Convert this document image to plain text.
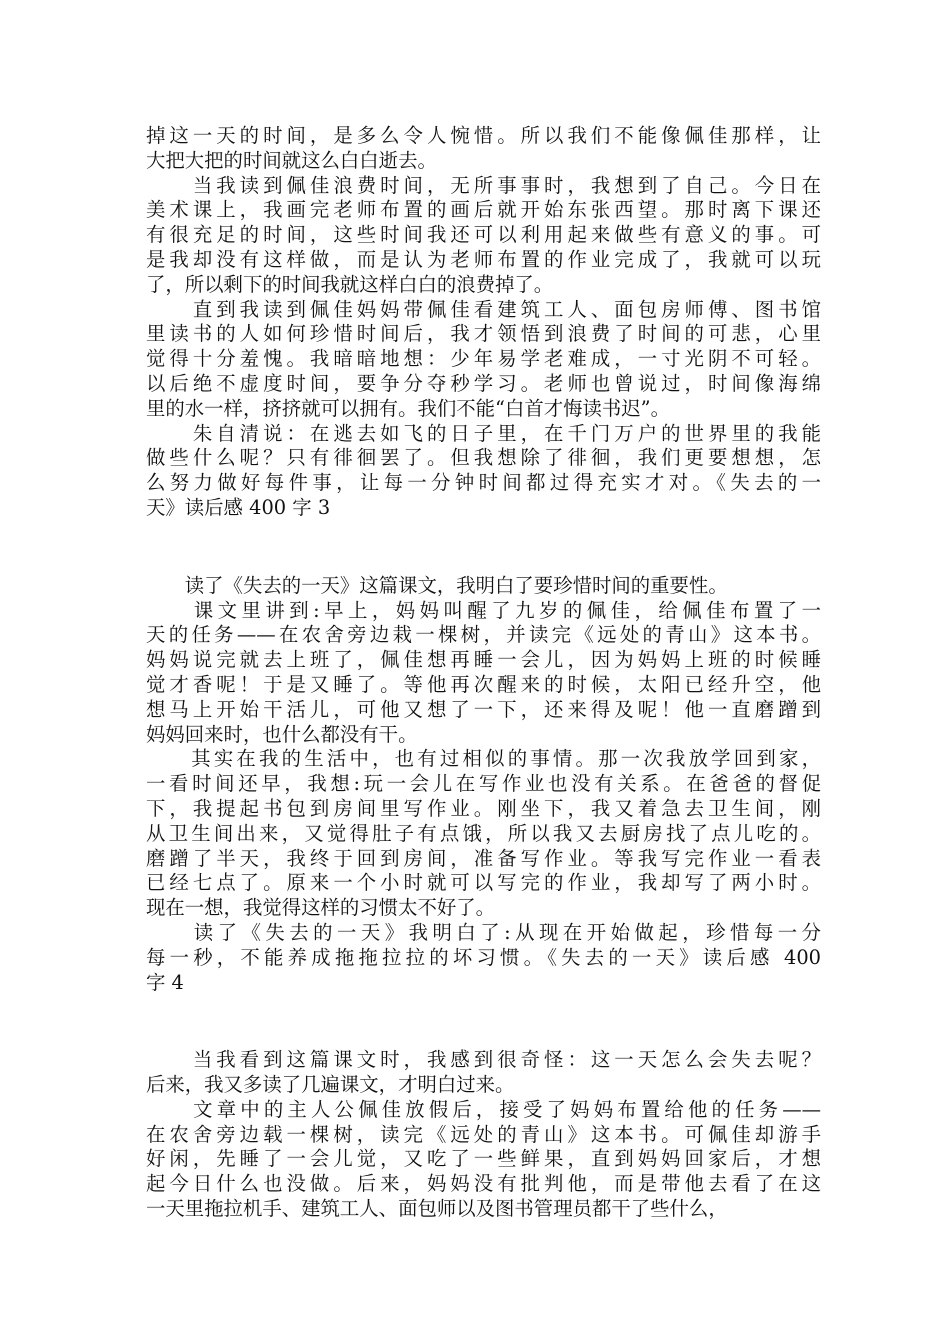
掉这一天的时间，是多么令人惋惜。所以我们不能像佩佳那样，让
大把大把的时间就这么白白逝去。
　　当我读到佩佳浪费时间，无所事事时，我想到了自己。今日在
美术课上，我画完老师布置的画后就开始东张西望。那时离下课还
有很充足的时间，这些时间我还可以利用起来做些有意义的事。可
是我却没有这样做，而是认为老师布置的作业完成了，我就可以玩
了，所以剩下的时间我就这样白白的浪费掉了。
　　直到我读到佩佳妈妈带佩佳看建筑工人、面包房师傅、图书馆
里读书的人如何珍惜时间后，我才领悟到浪费了时间的可悲，心里
觉得十分羞愧。我暗暗地想：少年易学老难成，一寸光阴不可轻。
以后绝不虚度时间，要争分夺秒学习。老师也曾说过，时间像海绵
里的水一样，挤挤就可以拥有。我们不能“白首才悔读书迟”。
　　朱自清说：在逃去如飞的日子里，在千门万户的世界里的我能
做些什么呢？只有徘徊罢了。但我想除了徘徊，我们更要想想，怎
么努力做好每件事，让每一分钟时间都过得充实才对。《失去的一
天》读后感 400 字 3
　　读了《失去的一天》这篇课文，我明白了要珍惜时间的重要性。
　　课文里讲到:早上，妈妈叫醒了九岁的佩佳，给佩佳布置了一
天的任务——在农舍旁边栽一棵树，并读完《远处的青山》这本书。
妈妈说完就去上班了，佩佳想再睡一会儿，因为妈妈上班的时候睡
觉才香呢！于是又睡了。等他再次醒来的时候，太阳已经升空，他
想马上开始干活儿，可他又想了一下，还来得及呢！他一直磨蹭到
妈妈回来时，也什么都没有干。
　　其实在我的生活中，也有过相似的事情。那一次我放学回到家，
一看时间还早，我想:玩一会儿在写作业也没有关系。在爸爸的督促
下，我提起书包到房间里写作业。刚坐下，我又着急去卫生间，刚
从卫生间出来，又觉得肚子有点饿，所以我又去厨房找了点儿吃的。
磨蹭了半天，我终于回到房间，准备写作业。等我写完作业一看表
已经七点了。原来一个小时就可以写完的作业，我却写了两小时。
现在一想，我觉得这样的习惯太不好了。
　　读了《失去的一天》我明白了:从现在开始做起，珍惜每一分
每一秒，不能养成拖拖拉拉的坏习惯。《失去的一天》读后感 400
字 4
　　当我看到这篇课文时，我感到很奇怪：这一天怎么会失去呢？
后来，我又多读了几遍课文，才明白过来。
　　文章中的主人公佩佳放假后，接受了妈妈布置给他的任务——
在农舍旁边载一棵树，读完《远处的青山》这本书。可佩佳却游手
好闲，先睡了一会儿觉，又吃了一些鲜果，直到妈妈回家后，才想
起今日什么也没做。后来，妈妈没有批判他，而是带他去看了在这
一天里拖拉机手、建筑工人、面包师以及图书管理员都干了些什么，
